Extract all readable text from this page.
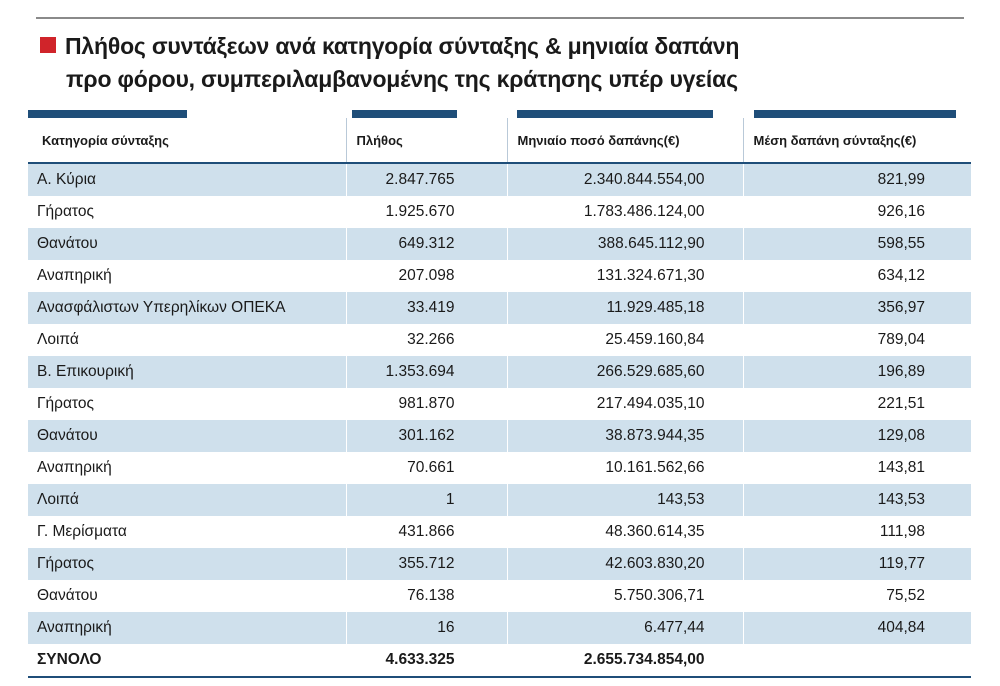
Πλήθος συντάξεων ανά κατηγορία σύνταξης & μηνιαία δαπάνη
προ φόρου, συμπεριλαμβανομένης της κράτησης υπέρ υγείας
Κατηγορία σύνταξης	Πλήθος	Μηνιαίο ποσό δαπάνης(€)	Μέση δαπάνη σύνταξης(€)
Α. Κύρια	2.847.765	2.340.844.554,00	821,99
Γήρατος	1.925.670	1.783.486.124,00	926,16
Θανάτου	649.312	388.645.112,90	598,55
Αναπηρική	207.098	131.324.671,30	634,12
Ανασφάλιστων Υπερηλίκων ΟΠΕΚΑ	33.419	11.929.485,18	356,97
Λοιπά	32.266	25.459.160,84	789,04
Β. Επικουρική	1.353.694	266.529.685,60	196,89
Γήρατος	981.870	217.494.035,10	221,51
Θανάτου	301.162	38.873.944,35	129,08
Αναπηρική	70.661	10.161.562,66	143,81
Λοιπά	1	143,53	143,53
Γ. Μερίσματα	431.866	48.360.614,35	111,98
Γήρατος	355.712	42.603.830,20	119,77
Θανάτου	76.138	5.750.306,71	75,52
Αναπηρική	16	6.477,44	404,84
ΣΥΝΟΛΟ	4.633.325	2.655.734.854,00	
